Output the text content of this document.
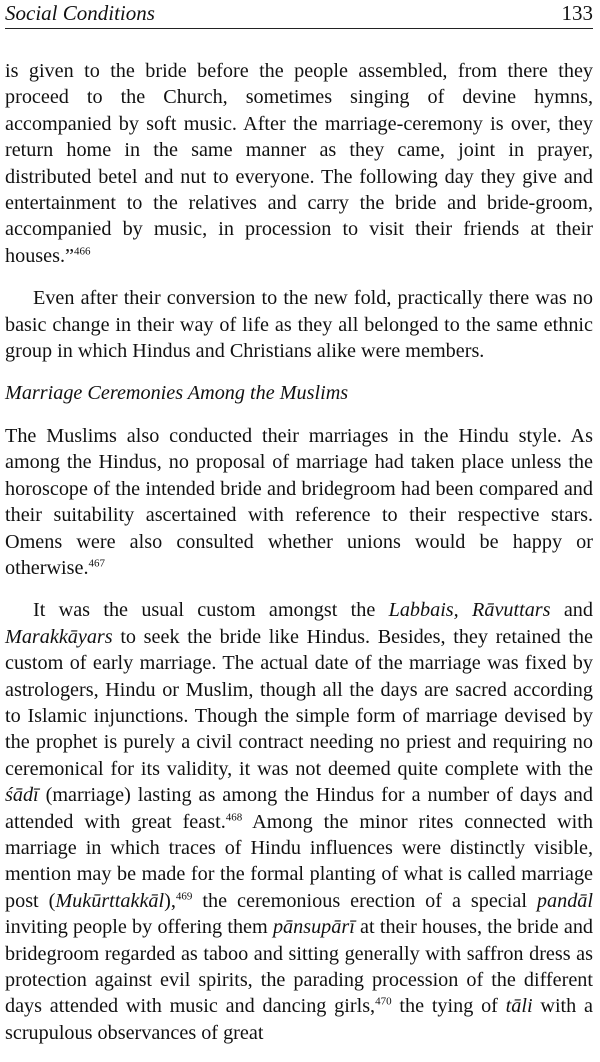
Social Conditions	133

is given to the bride before the people assembled, from there they proceed to the Church, sometimes singing of devine hymns, accompanied by soft music. After the marriage-ceremony is over, they return home in the same manner as they came, joint in prayer, distributed betel and nut to everyone. The following day they give and entertainment to the relatives and carry the bride and bride-groom, accompanied by music, in procession to visit their friends at their houses.”$^{466}$

Even after their conversion to the new fold, practically there was no basic change in their way of life as they all belonged to the same ethnic group in which Hindus and Christians alike were members.

Marriage Ceremonies Among the Muslims

The Muslims also conducted their marriages in the Hindu style. As among the Hindus, no proposal of marriage had taken place unless the horoscope of the intended bride and bridegroom had been compared and their suitability ascertained with reference to their respective stars. Omens were also consulted whether unions would be happy or otherwise.$^{467}$

It was the usual custom amongst the Labbais, Rāvuttars and Marakkāyars to seek the bride like Hindus. Besides, they retained the custom of early marriage. The actual date of the marriage was fixed by astrologers, Hindu or Muslim, though all the days are sacred according to Islamic injunctions. Though the simple form of marriage devised by the prophet is purely a civil contract needing no priest and requiring no ceremonical for its validity, it was not deemed quite complete with the śādī (marriage) lasting as among the Hindus for a number of days and attended with great feast.$^{468}$ Among the minor rites connected with marriage in which traces of Hindu influences were distinctly visible, mention may be made for the formal planting of what is called marriage post (Mukūrttakkāl),$^{469}$ the ceremonious erection of a special pandāl inviting people by offering them pānsupārī at their houses, the bride and bridegroom regarded as taboo and sitting generally with saffron dress as protection against evil spirits, the parading procession of the different days attended with music and dancing girls,$^{470}$ the tying of tāli with a scrupulous observances of great
